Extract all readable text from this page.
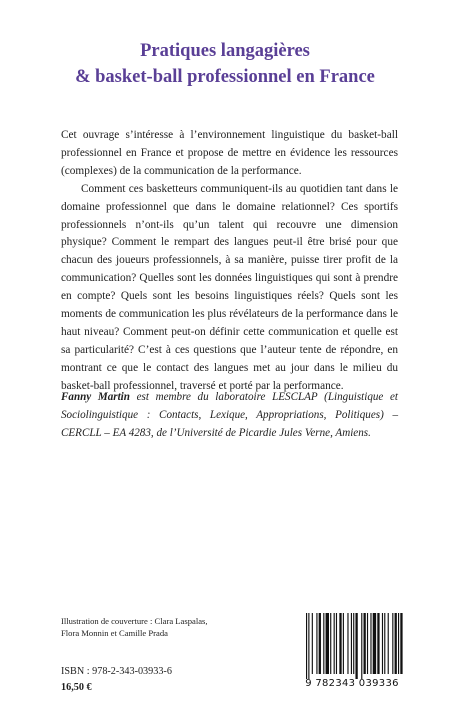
Pratiques langagières
& basket-ball professionnel en France

Cet ouvrage s’intéresse à l’environnement linguistique du basket-ball professionnel en France et propose de mettre en évidence les ressources (complexes) de la communication de la performance.

Comment ces basketteurs communiquent-ils au quotidien tant dans le domaine professionnel que dans le domaine relationnel? Ces sportifs professionnels n’ont-ils qu’un talent qui recouvre une dimension physique? Comment le rempart des langues peut-il être brisé pour que chacun des joueurs professionnels, à sa manière, puisse tirer profit de la communication? Quelles sont les données linguistiques qui sont à prendre en compte? Quels sont les besoins linguistiques réels? Quels sont les moments de communication les plus révélateurs de la performance dans le haut niveau? Comment peut-on définir cette communication et quelle est sa particularité? C’est à ces questions que l’auteur tente de répondre, en montrant ce que le contact des langues met au jour dans le milieu du basket-ball professionnel, traversé et porté par la performance.

Fanny Martin est membre du laboratoire LESCLAP (Linguistique et Sociolinguistique : Contacts, Lexique, Appropriations, Politiques) –CERCLL – EA 4283, de l’Université de Picardie Jules Verne, Amiens.
Illustration de couverture : Clara Laspalas,
Flora Monnin et Camille Prada
ISBN : 978-2-343-03933-6
16,50 €	9 782343 039336
